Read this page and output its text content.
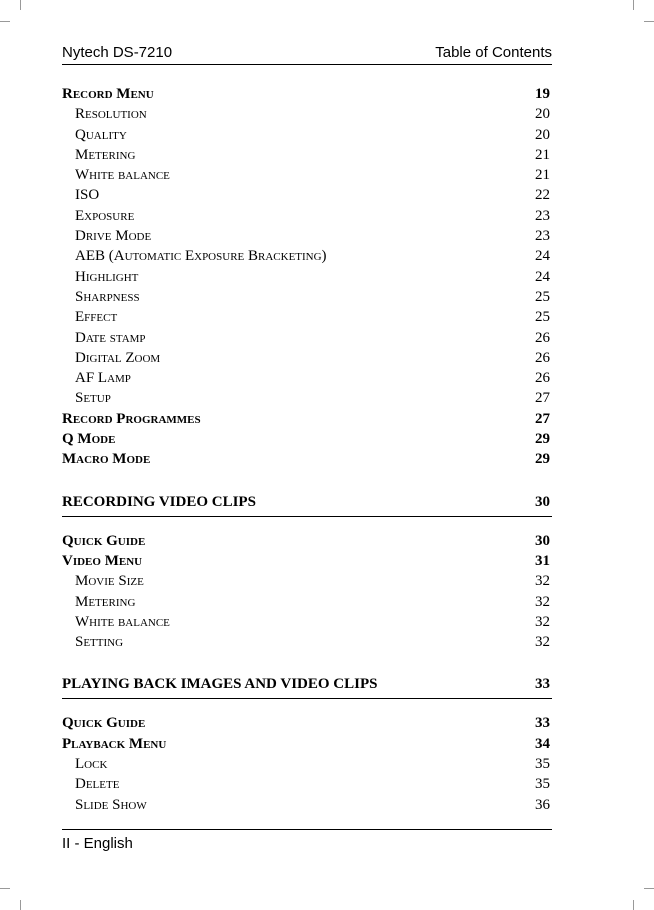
Nytech DS-7210	Table of Contents
Record Menu	19
Resolution	20
Quality	20
Metering	21
White balance	21
ISO	22
Exposure	23
Drive Mode	23
AEB (Automatic Exposure Bracketing)	24
Highlight	24
Sharpness	25
Effect	25
Date stamp	26
Digital Zoom	26
AF Lamp	26
Setup	27
Record Programmes	27
Q Mode	29
Macro Mode	29
RECORDING VIDEO CLIPS	30
Quick Guide	30
Video Menu	31
Movie Size	32
Metering	32
White balance	32
Setting	32
PLAYING BACK IMAGES AND VIDEO CLIPS	33
Quick Guide	33
Playback Menu	34
Lock	35
Delete	35
Slide Show	36
II - English
